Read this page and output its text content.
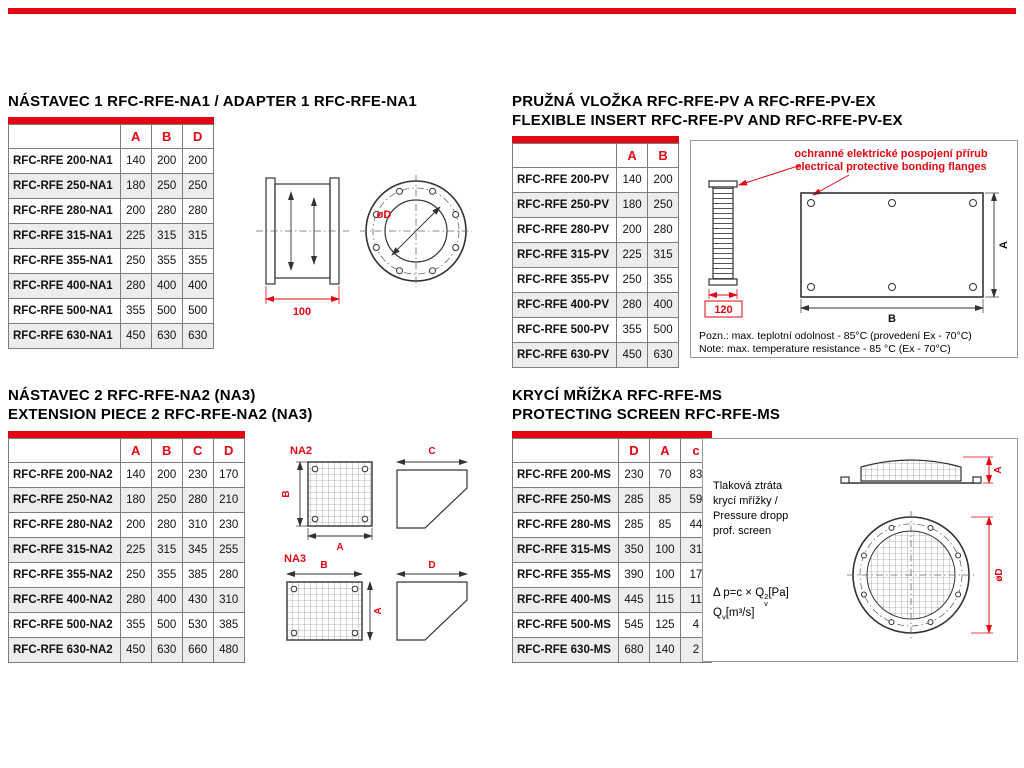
NÁSTAVEC 1 RFC-RFE-NA1 / ADAPTER 1 RFC-RFE-NA1
	A	B	D
RFC-RFE 200-NA1	140	200	200
RFC-RFE 250-NA1	180	250	250
RFC-RFE 280-NA1	200	280	280
RFC-RFE 315-NA1	225	315	315
RFC-RFE 355-NA1	250	355	355
RFC-RFE 400-NA1	280	400	400
RFC-RFE 500-NA1	355	500	500
RFC-RFE 630-NA1	450	630	630
100
øD
PRUŽNÁ VLOŽKA RFC-RFE-PV A RFC-RFE-PV-EX
FLEXIBLE INSERT RFC-RFE-PV AND RFC-RFE-PV-EX
	A	B
RFC-RFE 200-PV	140	200
RFC-RFE 250-PV	180	250
RFC-RFE 280-PV	200	280
RFC-RFE 315-PV	225	315
RFC-RFE 355-PV	250	355
RFC-RFE 400-PV	280	400
RFC-RFE 500-PV	355	500
RFC-RFE 630-PV	450	630
ochranné elektrické pospojení přírub
electrical protective bonding flanges
120
A
B
Pozn.: max. teplotní odolnost - 85°C (provedení Ex - 70°C)
Note: max. temperature resistance - 85 °C (Ex - 70°C)
NÁSTAVEC 2 RFC-RFE-NA2 (NA3)
EXTENSION PIECE 2 RFC-RFE-NA2 (NA3)
	A	B	C	D
RFC-RFE 200-NA2	140	200	230	170
RFC-RFE 250-NA2	180	250	280	210
RFC-RFE 280-NA2	200	280	310	230
RFC-RFE 315-NA2	225	315	345	255
RFC-RFE 355-NA2	250	355	385	280
RFC-RFE 400-NA2	280	400	430	310
RFC-RFE 500-NA2	355	500	530	385
RFC-RFE 630-NA2	450	630	660	480
NA2
B
A
C
NA3
B
A
D
KRYCÍ MŘÍŽKA RFC-RFE-MS
PROTECTING SCREEN RFC-RFE-MS
	D	A	c
RFC-RFE 200-MS	230	70	83
RFC-RFE 250-MS	285	85	59
RFC-RFE 280-MS	285	85	44
RFC-RFE 315-MS	350	100	31
RFC-RFE 355-MS	390	100	17
RFC-RFE 400-MS	445	115	11
RFC-RFE 500-MS	545	125	4
RFC-RFE 630-MS	680	140	2
Tlaková ztráta
krycí mřížky /
Pressure dropp
prof. screen
Δ p=c × Q 2
v
[Pa]
$Q_v[m^3/s]$
A
øD
